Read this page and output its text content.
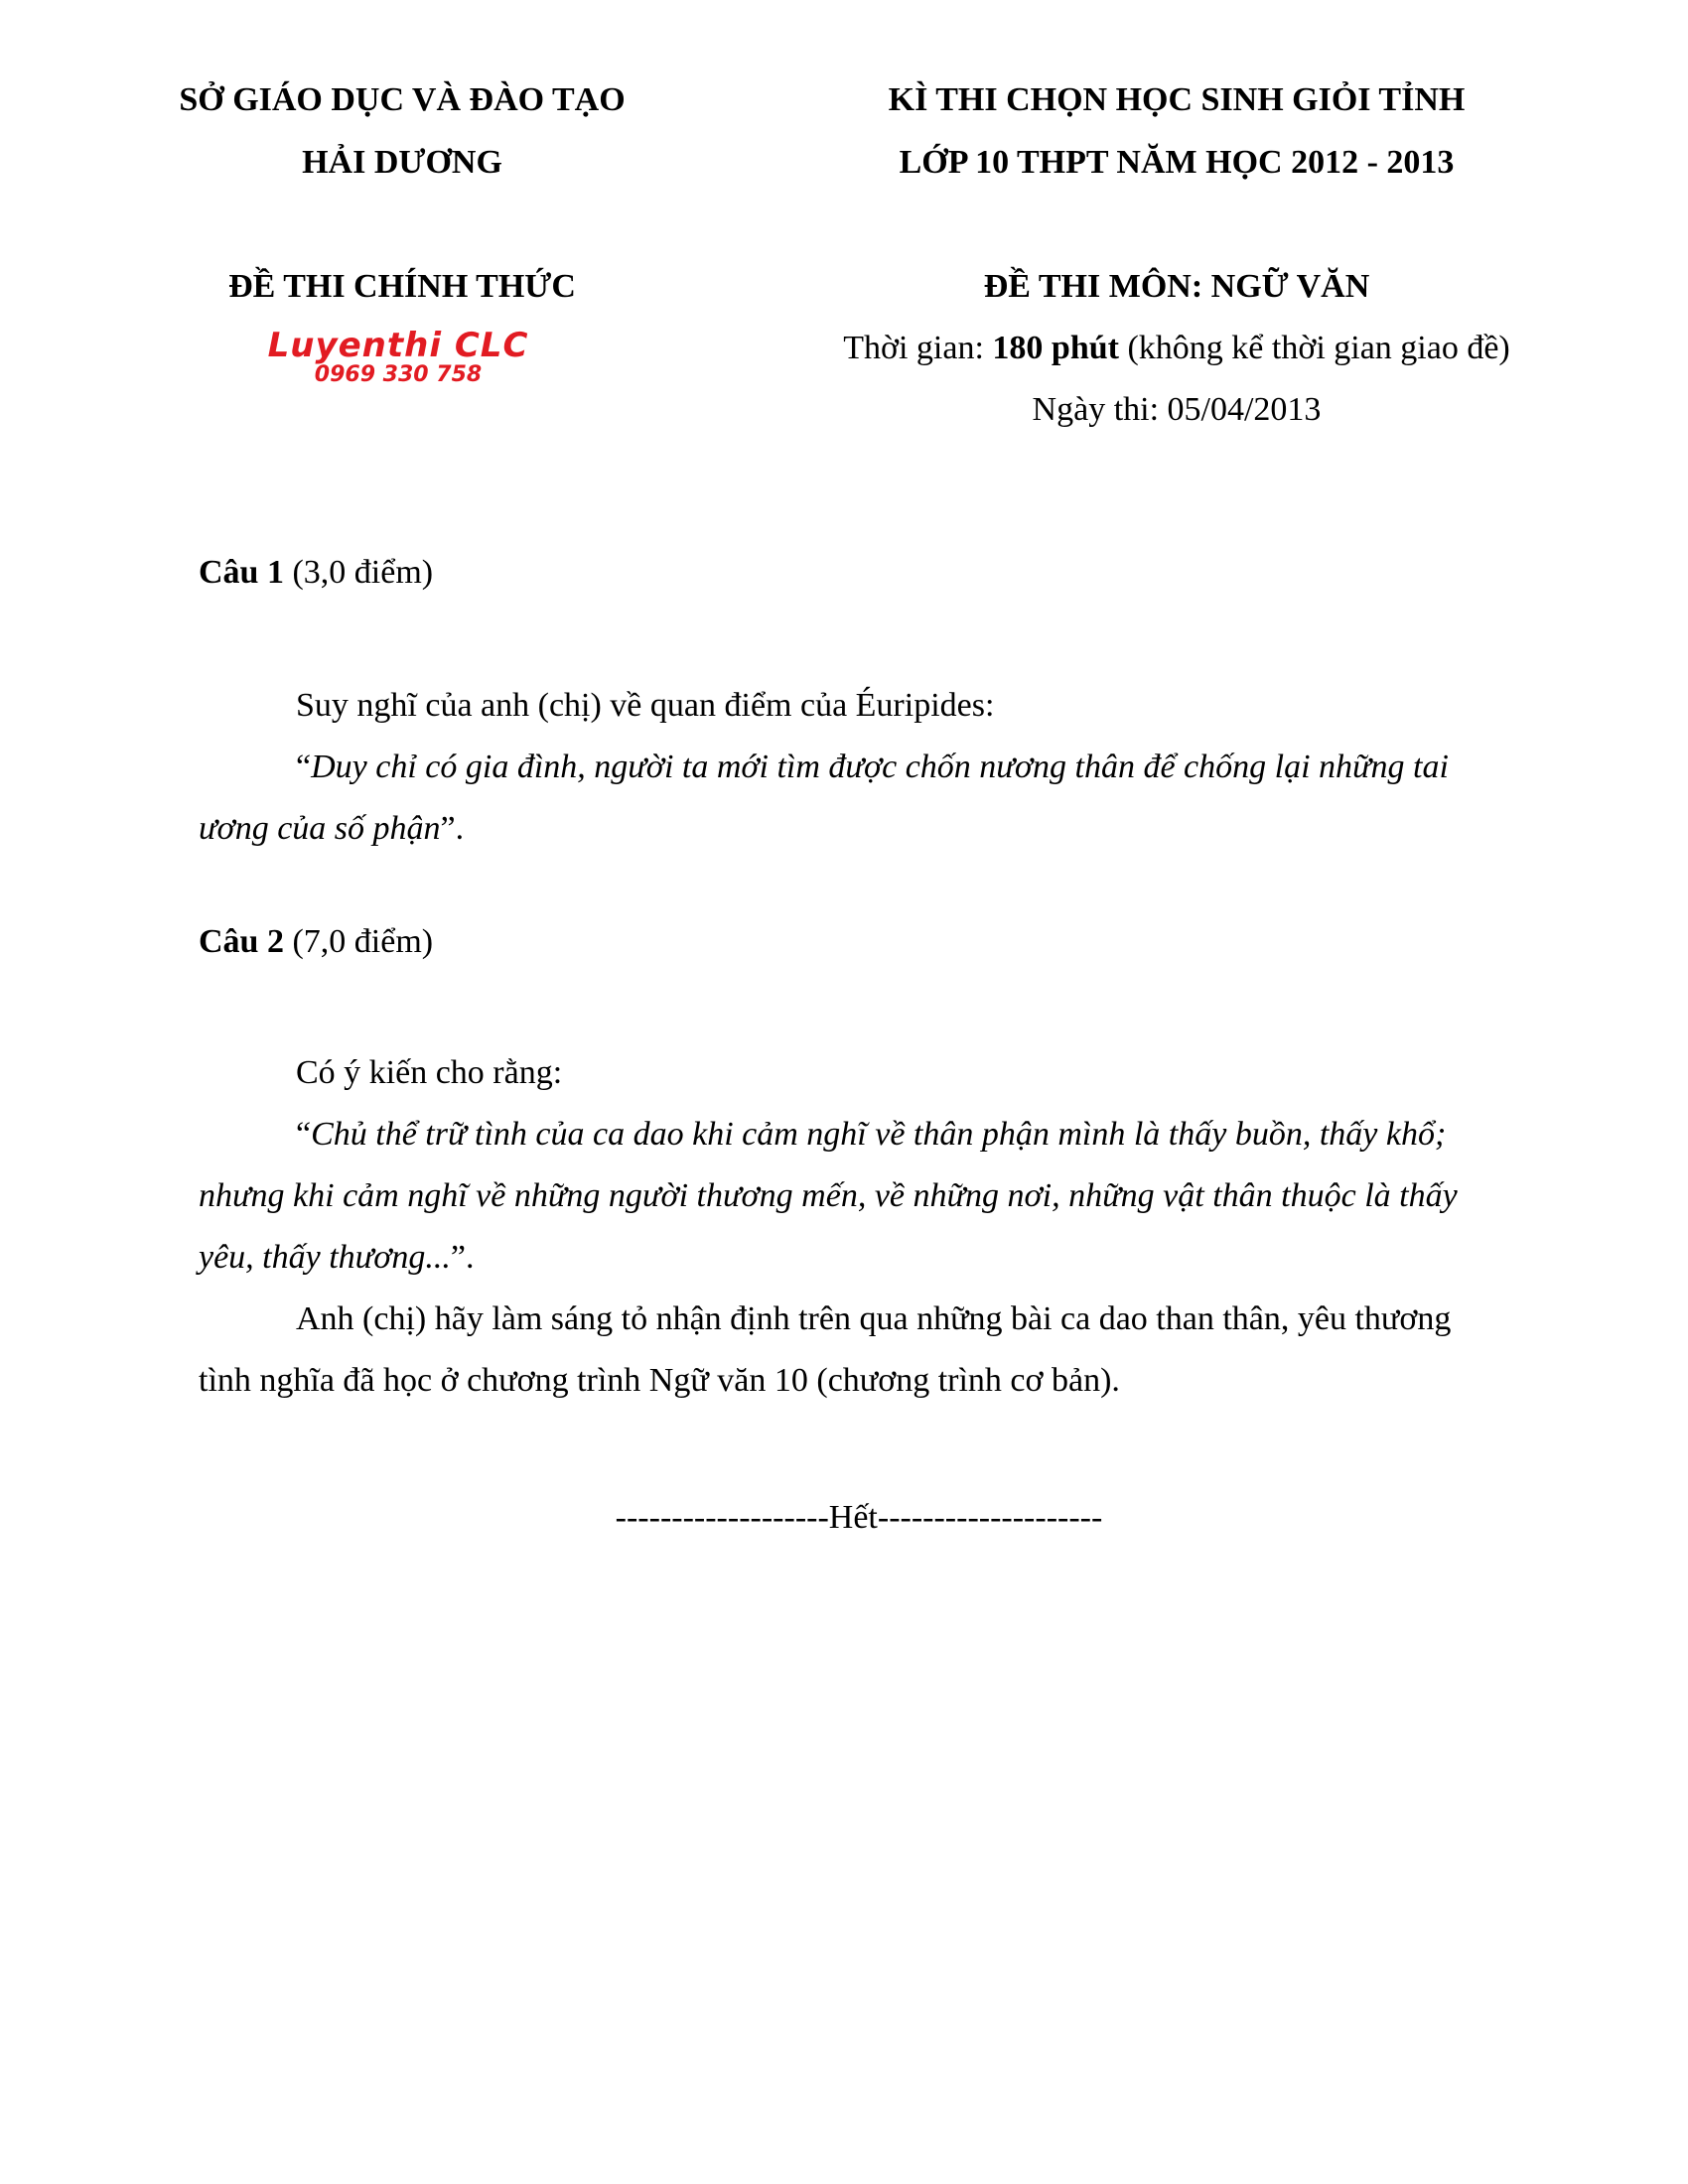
SỞ GIÁO DỤC VÀ ĐÀO TẠO
HẢI DƯƠNG
ĐỀ THI CHÍNH THỨC
Luyenthi CLC
0969 330 758
KÌ THI CHỌN HỌC SINH GIỎI TỈNH
LỚP 10 THPT NĂM HỌC 2012 - 2013
ĐỀ THI MÔN: NGỮ VĂN
Thời gian: 180 phút (không kể thời gian giao đề)
Ngày thi: 05/04/2013
Câu 1 (3,0 điểm)
Suy nghĩ của anh (chị) về quan điểm của Éuripides:
“Duy chỉ có gia đình, người ta mới tìm được chốn nương thân để chống lại những tai
ương của số phận”.
Câu 2 (7,0 điểm)
Có ý kiến cho rằng:
“Chủ thể trữ tình của ca dao khi cảm nghĩ về thân phận mình là thấy buồn, thấy khổ;
nhưng khi cảm nghĩ về những người thương mến, về những nơi, những vật thân thuộc là thấy
yêu, thấy thương...”.
Anh (chị) hãy làm sáng tỏ nhận định trên qua những bài ca dao than thân, yêu thương
tình nghĩa đã học ở chương trình Ngữ văn 10 (chương trình cơ bản).
-------------------Hết--------------------
